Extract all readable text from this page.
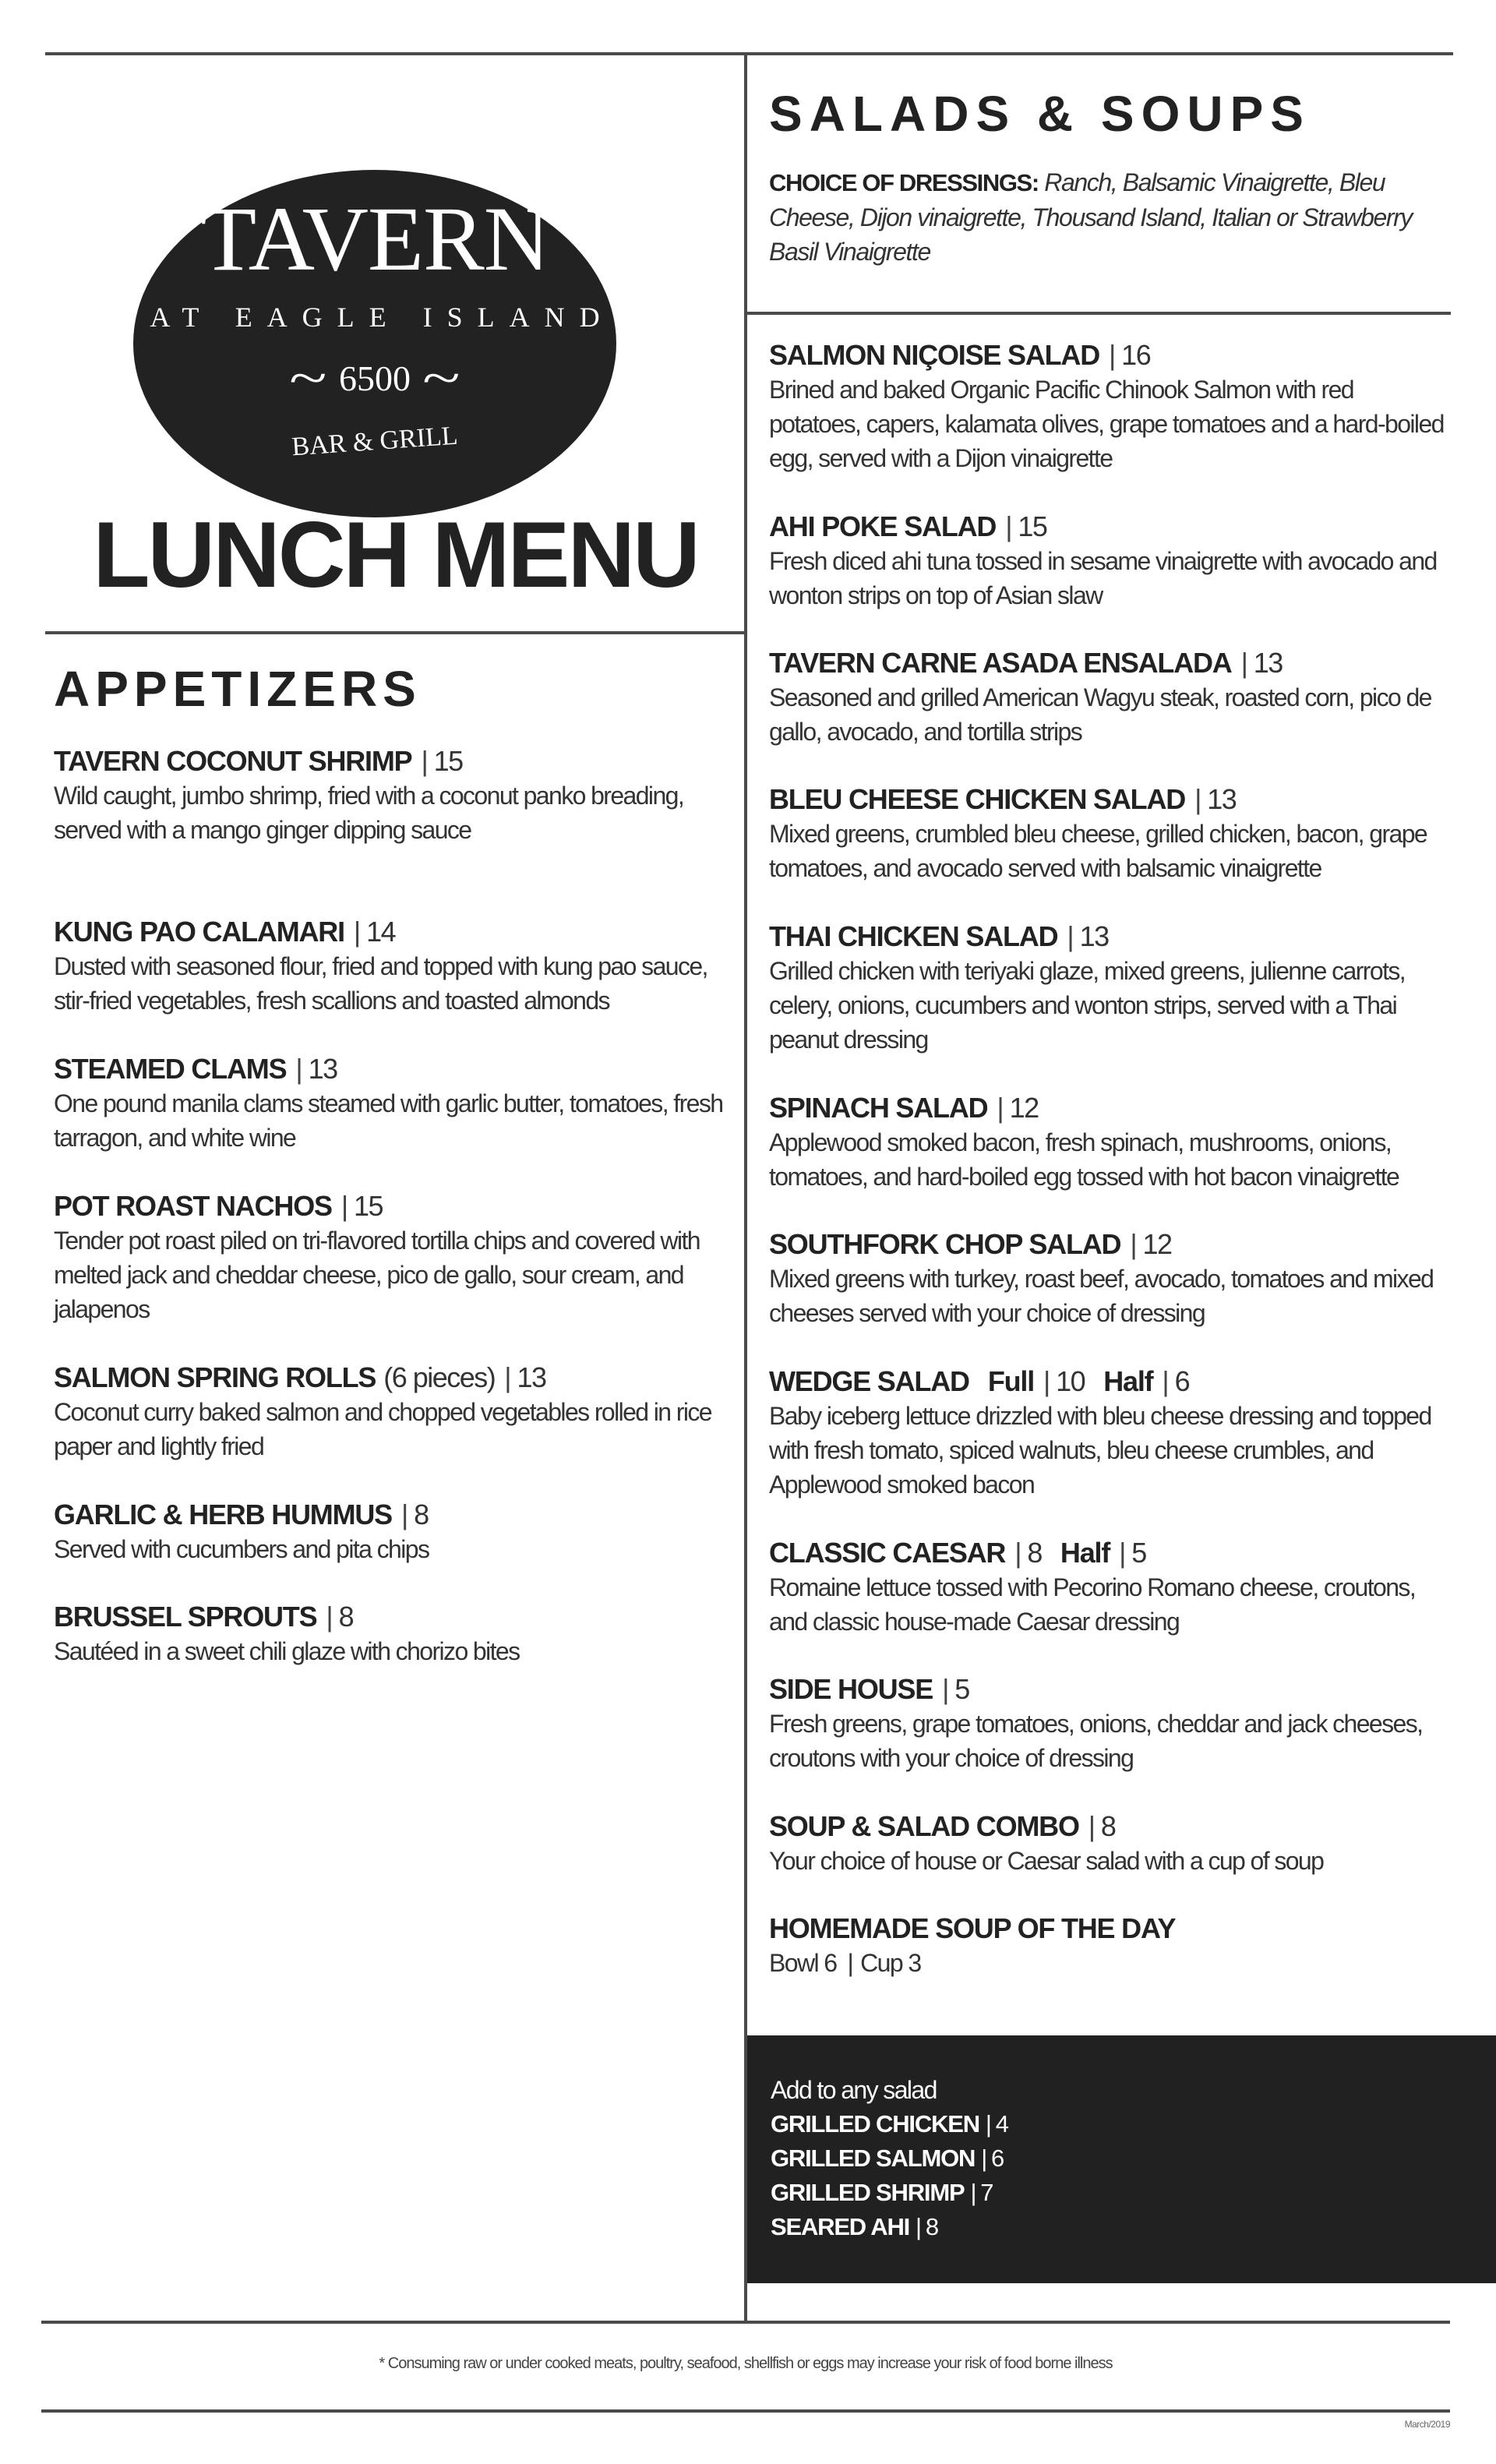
TAVERN
AT EAGLE ISLAND
~ 6500 ~
BAR & GRILL
LUNCH MENU
APPETIZERS
TAVERN COCONUT SHRIMP | 15
Wild caught, jumbo shrimp, fried with a coconut panko breading, served with a mango ginger dipping sauce
KUNG PAO CALAMARI | 14
Dusted with seasoned flour, fried and topped with kung pao sauce, stir-fried vegetables, fresh scallions and toasted almonds
STEAMED CLAMS | 13
One pound manila clams steamed with garlic butter, tomatoes, fresh tarragon, and white wine
POT ROAST NACHOS | 15
Tender pot roast piled on tri-flavored tortilla chips and covered with melted jack and cheddar cheese, pico de gallo, sour cream, and jalapenos
SALMON SPRING ROLLS (6 pieces) | 13
Coconut curry baked salmon and chopped vegetables rolled in rice paper and lightly fried
GARLIC & HERB HUMMUS | 8
Served with cucumbers and pita chips
BRUSSEL SPROUTS | 8
Sautéed in a sweet chili glaze with chorizo bites
SALADS & SOUPS
CHOICE OF DRESSINGS: Ranch, Balsamic Vinaigrette, Bleu Cheese, Dijon vinaigrette, Thousand Island, Italian or Strawberry Basil Vinaigrette
SALMON NIÇOISE SALAD | 16
Brined and baked Organic Pacific Chinook Salmon with red potatoes, capers, kalamata olives, grape tomatoes and a hard-boiled egg, served with a Dijon vinaigrette
AHI POKE SALAD | 15
Fresh diced ahi tuna tossed in sesame vinaigrette with avocado and wonton strips on top of Asian slaw
TAVERN CARNE ASADA ENSALADA | 13
Seasoned and grilled American Wagyu steak, roasted corn, pico de gallo, avocado, and tortilla strips
BLEU CHEESE CHICKEN SALAD | 13
Mixed greens, crumbled bleu cheese, grilled chicken, bacon, grape tomatoes, and avocado served with balsamic vinaigrette
THAI CHICKEN SALAD | 13
Grilled chicken with teriyaki glaze, mixed greens, julienne carrots, celery, onions, cucumbers and wonton strips, served with a Thai peanut dressing
SPINACH SALAD | 12
Applewood smoked bacon, fresh spinach, mushrooms, onions, tomatoes, and hard-boiled egg tossed with hot bacon vinaigrette
SOUTHFORK CHOP SALAD | 12
Mixed greens with turkey, roast beef, avocado, tomatoes and mixed cheeses served with your choice of dressing
WEDGE SALAD Full | 10 Half | 6
Baby iceberg lettuce drizzled with bleu cheese dressing and topped with fresh tomato, spiced walnuts, bleu cheese crumbles, and Applewood smoked bacon
CLASSIC CAESAR | 8 Half | 5
Romaine lettuce tossed with Pecorino Romano cheese, croutons, and classic house-made Caesar dressing
SIDE HOUSE | 5
Fresh greens, grape tomatoes, onions, cheddar and jack cheeses, croutons with your choice of dressing
SOUP & SALAD COMBO | 8
Your choice of house or Caesar salad with a cup of soup
HOMEMADE SOUP OF THE DAY
Bowl 6 | Cup 3
Add to any salad
GRILLED CHICKEN | 4
GRILLED SALMON | 6
GRILLED SHRIMP | 7
SEARED AHI | 8
* Consuming raw or under cooked meats, poultry, seafood, shellfish or eggs may increase your risk of food borne illness
March/2019
